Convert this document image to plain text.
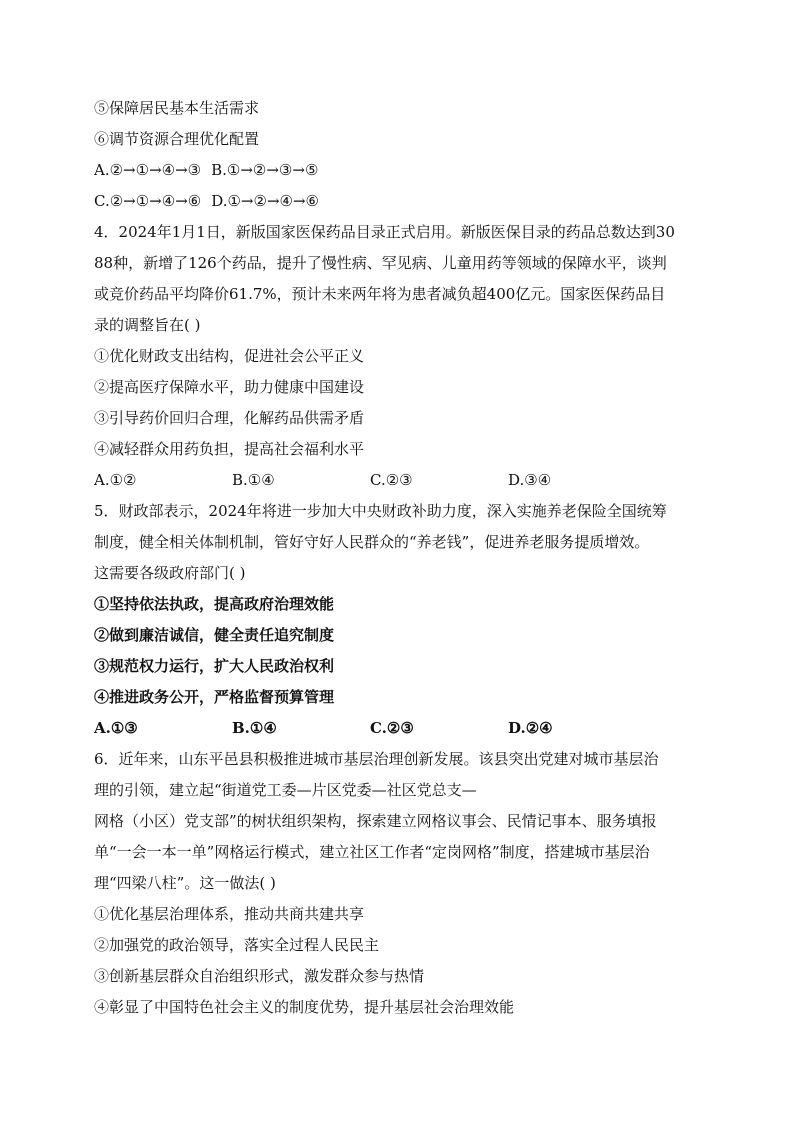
⑤保障居民基本生活需求
⑥调节资源合理优化配置
A.②→①→④→③ B.①→②→③→⑤
C.②→①→④→⑥ D.①→②→④→⑥
4．2024年1月1日，新版国家医保药品目录正式启用。新版医保目录的药品总数达到30
88种，新增了126个药品，提升了慢性病、罕见病、儿童用药等领域的保障水平，谈判
或竞价药品平均降价61.7%，预计未来两年将为患者减负超400亿元。国家医保药品目
录的调整旨在( )
①优化财政支出结构，促进社会公平正义
②提高医疗保障水平，助力健康中国建设
③引导药价回归合理，化解药品供需矛盾
④减轻群众用药负担，提高社会福利水平
A.①②	B.①④	C.②③	D.③④
5．财政部表示，2024年将进一步加大中央财政补助力度，深入实施养老保险全国统筹
制度，健全相关体制机制，管好守好人民群众的“养老钱”，促进养老服务提质增效。
这需要各级政府部门( )
①坚持依法执政，提高政府治理效能
②做到廉洁诚信，健全责任追究制度
③规范权力运行，扩大人民政治权利
④推进政务公开，严格监督预算管理
A.①③	B.①④	C.②③	D.②④
6．近年来，山东平邑县积极推进城市基层治理创新发展。该县突出党建对城市基层治
理的引领，建立起“街道党工委—片区党委—社区党总支—
网格（小区）党支部”的树状组织架构，探索建立网格议事会、民情记事本、服务填报
单“一会一本一单”网格运行模式，建立社区工作者“定岗网格”制度，搭建城市基层治
理“四梁八柱”。这一做法( )
①优化基层治理体系，推动共商共建共享
②加强党的政治领导，落实全过程人民民主
③创新基层群众自治组织形式，激发群众参与热情
④彰显了中国特色社会主义的制度优势，提升基层社会治理效能
